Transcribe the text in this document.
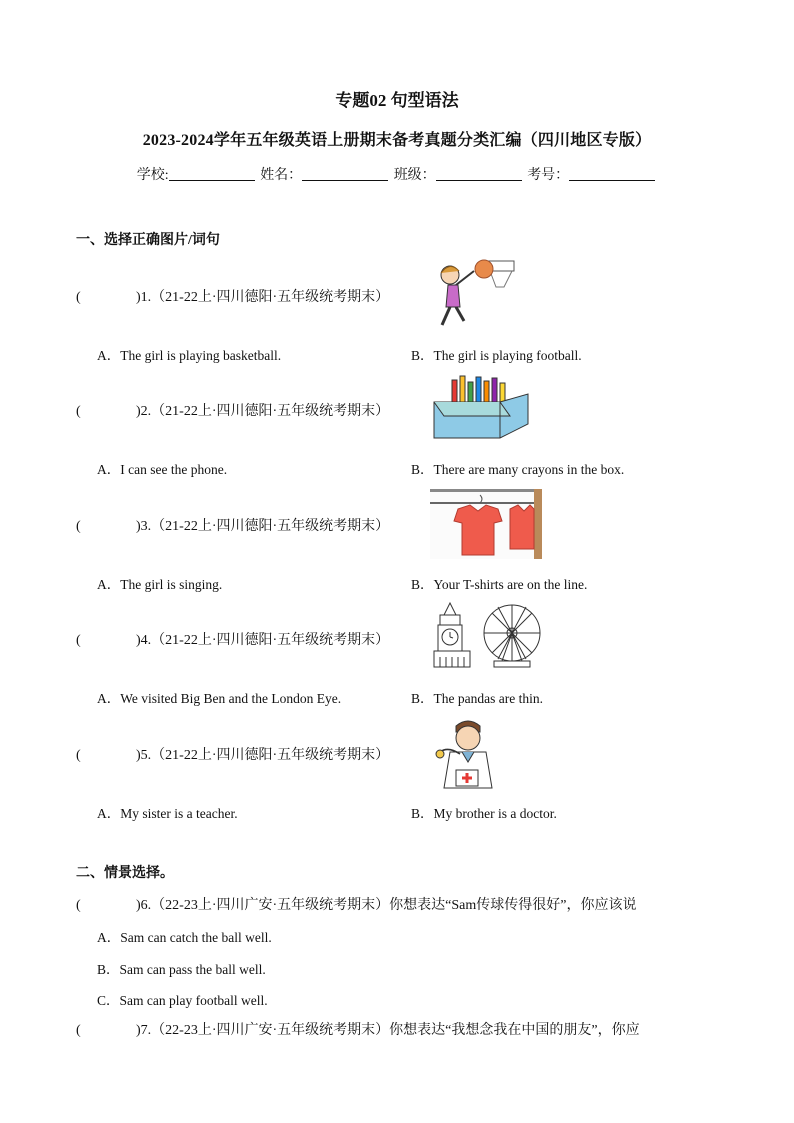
专题02 句型语法
2023-2024学年五年级英语上册期末备考真题分类汇编（四川地区专版）
学校:	姓名：	班级：	考号：
一、选择正确图片/词句
(	)1.（21-22上·四川德阳·五年级统考期末）
A．The girl is playing basketball.	B．The girl is playing football.
(	)2.（21-22上·四川德阳·五年级统考期末）
A．I can see the phone.	B．There are many crayons in the box.
(	)3.（21-22上·四川德阳·五年级统考期末）
A．The girl is singing.	B．Your T-shirts are on the line.
(	)4.（21-22上·四川德阳·五年级统考期末）
A．We visited Big Ben and the London Eye.	B．The pandas are thin.
(	)5.（21-22上·四川德阳·五年级统考期末）
A．My sister is a teacher.	B．My brother is a doctor.
二、情景选择。
(	)6.（22-23上·四川广安·五年级统考期末）你想表达“Sam传球传得很好”，你应该说
A．Sam can catch the ball well.
B．Sam can pass the ball well.
C．Sam can play football well.
(	)7.（22-23上·四川广安·五年级统考期末）你想表达“我想念我在中国的朋友”，你应
